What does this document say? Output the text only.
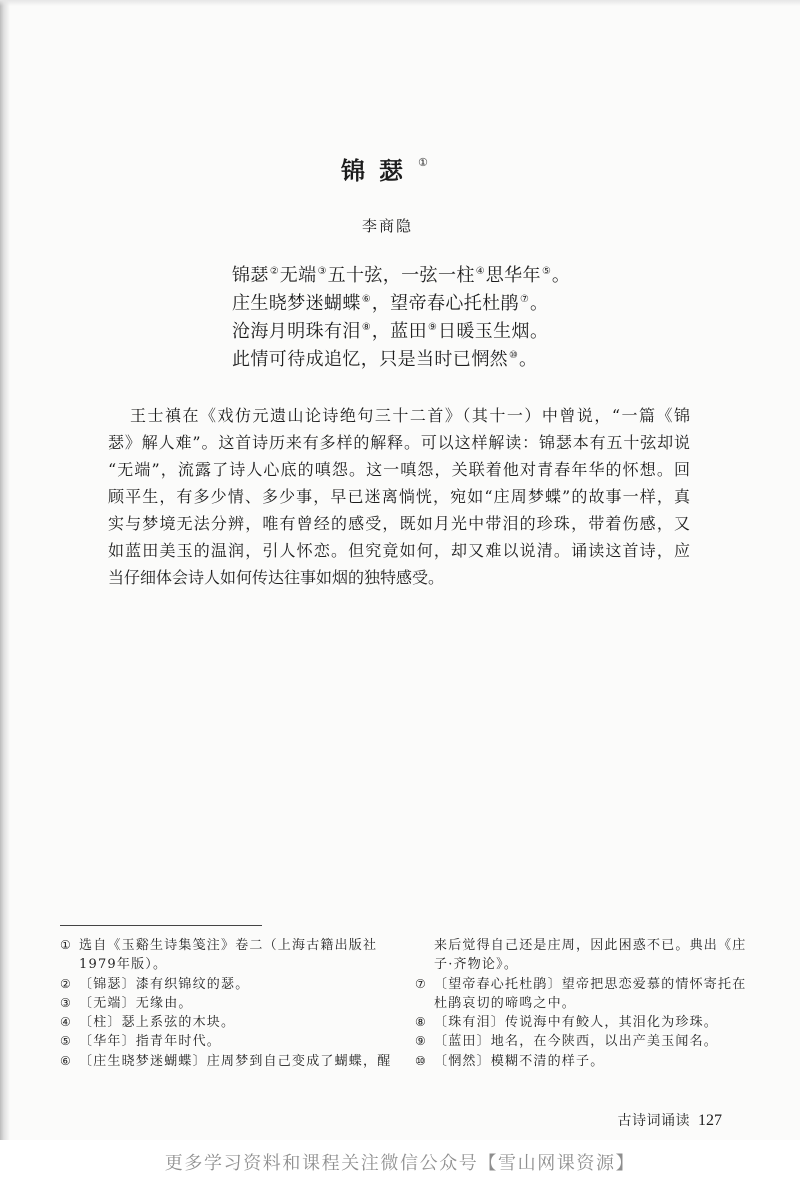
锦瑟①
李商隐
锦瑟②无端③五十弦，一弦一柱④思华年⑤。
庄生晓梦迷蝴蝶⑥，望帝春心托杜鹃⑦。
沧海月明珠有泪⑧，蓝田⑨日暖玉生烟。
此情可待成追忆，只是当时已惘然⑩。
王士禛在《戏仿元遗山论诗绝句三十二首》（其十一）中曾说，“一篇《锦
瑟》解人难”。这首诗历来有多样的解释。可以这样解读：锦瑟本有五十弦却说
“无端”，流露了诗人心底的嗔怨。这一嗔怨，关联着他对青春年华的怀想。回
顾平生，有多少情、多少事，早已迷离惝恍，宛如“庄周梦蝶”的故事一样，真
实与梦境无法分辨，唯有曾经的感受，既如月光中带泪的珍珠，带着伤感，又
如蓝田美玉的温润，引人怀恋。但究竟如何，却又难以说清。诵读这首诗，应
当仔细体会诗人如何传达往事如烟的独特感受。
① 选自《玉谿生诗集笺注》卷二（上海古籍出版社
1979年版）。
② 〔锦瑟〕漆有织锦纹的瑟。
③ 〔无端〕无缘由。
④ 〔柱〕瑟上系弦的木块。
⑤ 〔华年〕指青年时代。
⑥ 〔庄生晓梦迷蝴蝶〕庄周梦到自己变成了蝴蝶，醒
来后觉得自己还是庄周，因此困惑不已。典出《庄
子·齐物论》。
⑦ 〔望帝春心托杜鹃〕望帝把思恋爱慕的情怀寄托在
杜鹃哀切的啼鸣之中。
⑧ 〔珠有泪〕传说海中有鲛人，其泪化为珍珠。
⑨ 〔蓝田〕地名，在今陕西，以出产美玉闻名。
⑩ 〔惘然〕模糊不清的样子。
古诗词诵读 127
更多学习资料和课程关注微信公众号【雪山网课资源】
